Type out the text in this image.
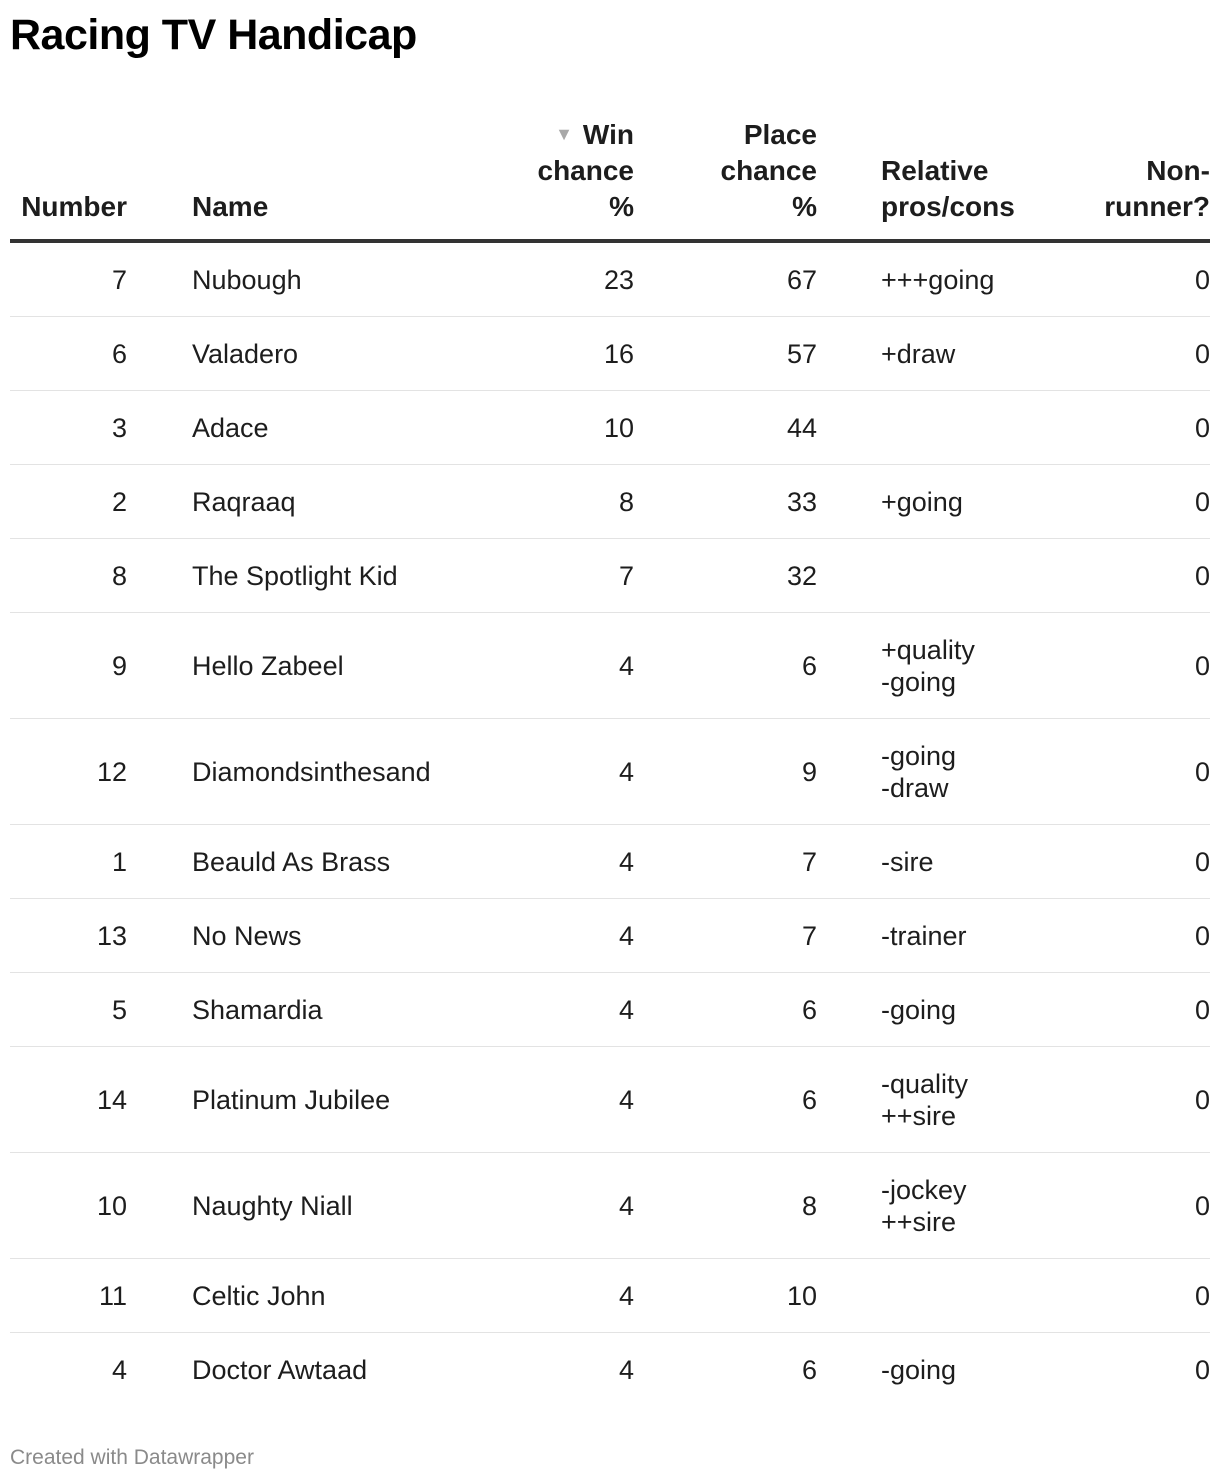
Racing TV Handicap
Number		Name	▼ Win
chance
%	Place
chance
%		Relative
pros/cons	Non-
runner?
7		Nubough	23	67		+++going	0
6		Valadero	16	57		+draw	0
3		Adace	10	44			0
2		Raqraaq	8	33		+going	0
8		The Spotlight Kid	7	32			0
9		Hello Zabeel	4	6		+quality
-going	0
12		Diamondsinthesand	4	9		-going
-draw	0
1		Beauld As Brass	4	7		-sire	0
13		No News	4	7		-trainer	0
5		Shamardia	4	6		-going	0
14		Platinum Jubilee	4	6		-quality
++sire	0
10		Naughty Niall	4	8		-jockey
++sire	0
11		Celtic John	4	10			0
4		Doctor Awtaad	4	6		-going	0
Created with Datawrapper
